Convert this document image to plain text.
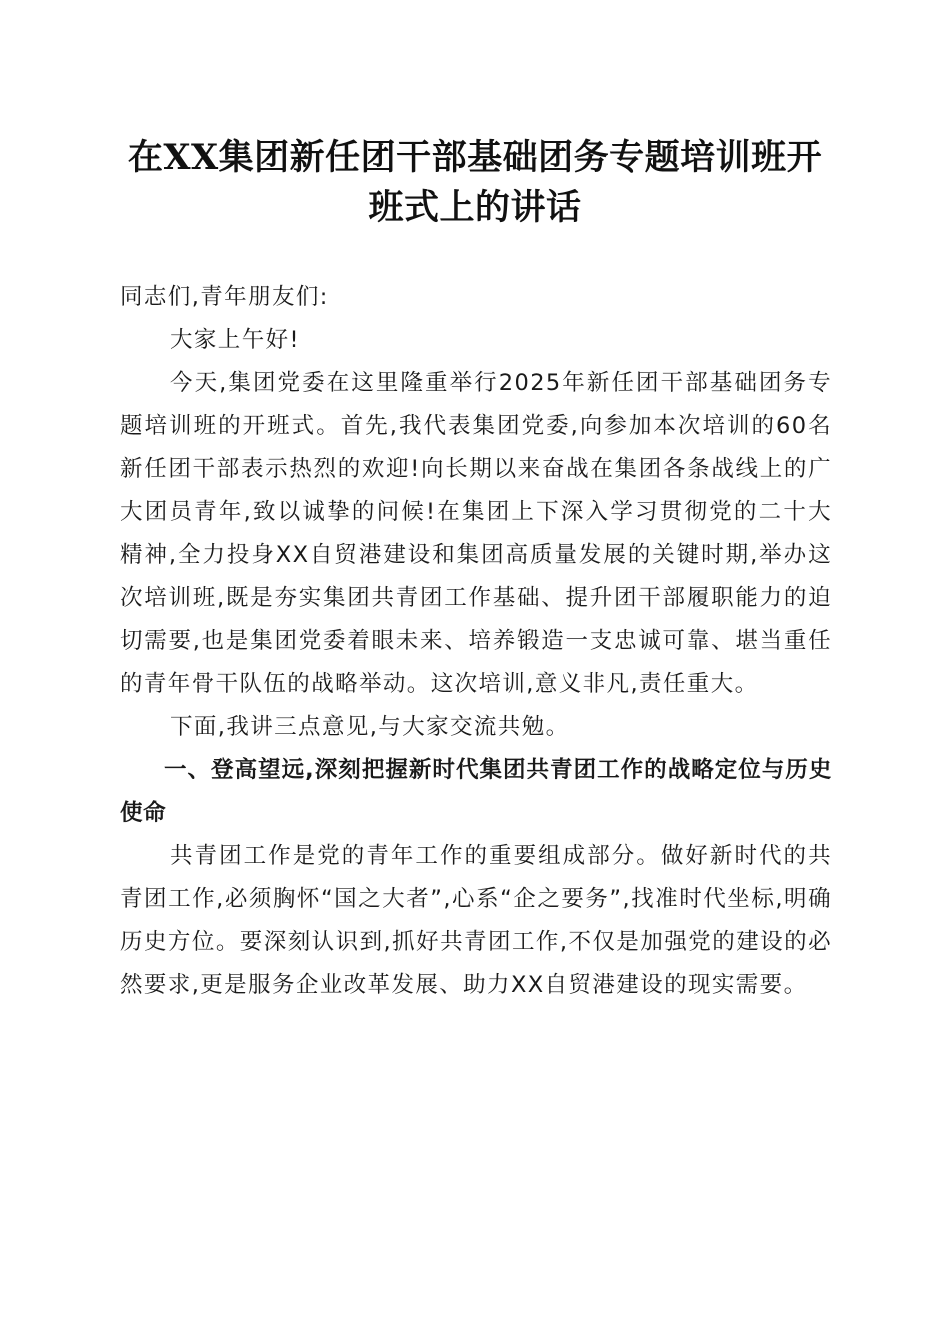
在XX集团新任团干部基础团务专题培训班开
班式上的讲话

同志们,青年朋友们:

大家上午好!

今天,集团党委在这里隆重举行2025年新任团干部基础团务专题培训班的开班式。首先,我代表集团党委,向参加本次培训的60名新任团干部表示热烈的欢迎!向长期以来奋战在集团各条战线上的广大团员青年,致以诚挚的问候!在集团上下深入学习贯彻党的二十大精神,全力投身XX自贸港建设和集团高质量发展的关键时期,举办这次培训班,既是夯实集团共青团工作基础、提升团干部履职能力的迫切需要,也是集团党委着眼未来、培养锻造一支忠诚可靠、堪当重任的青年骨干队伍的战略举动。这次培训,意义非凡,责任重大。

下面,我讲三点意见,与大家交流共勉。

一、登高望远,深刻把握新时代集团共青团工作的战略定位与历史使命

共青团工作是党的青年工作的重要组成部分。做好新时代的共青团工作,必须胸怀“国之大者”,心系“企之要务”,找准时代坐标,明确历史方位。要深刻认识到,抓好共青团工作,不仅是加强党的建设的必然要求,更是服务企业改革发展、助力XX自贸港建设的现实需要。
